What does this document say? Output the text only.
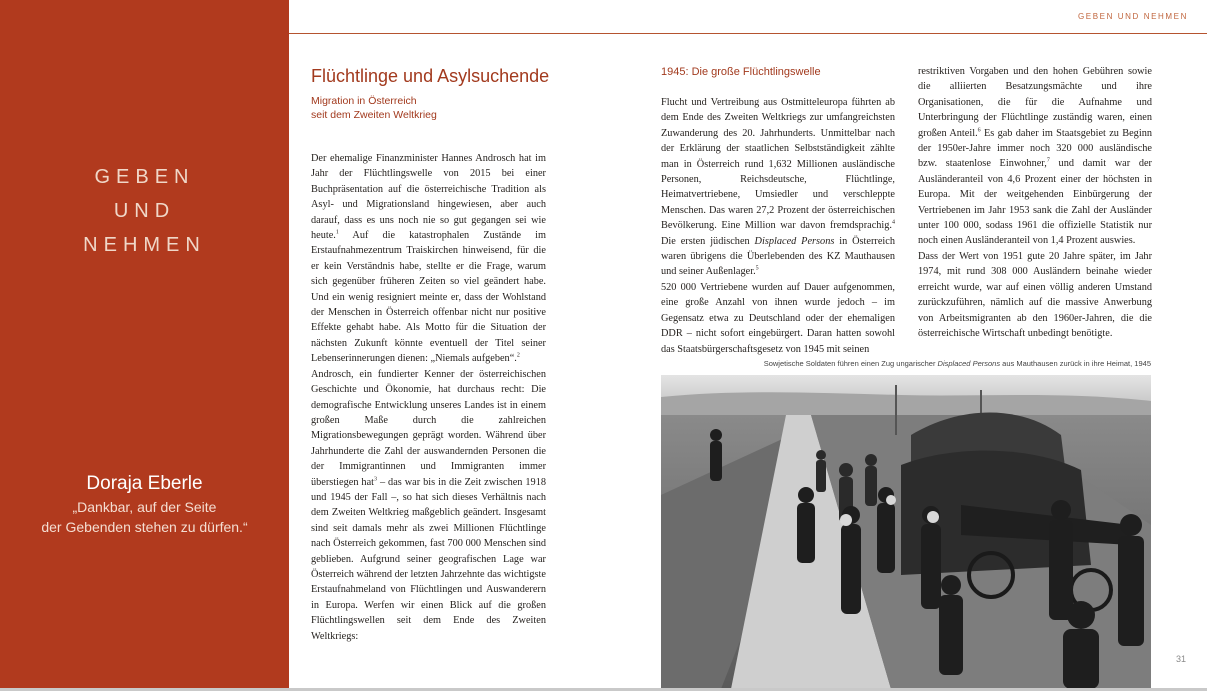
GEBEN
UND
NEHMEN
Doraja Eberle
„Dankbar, auf der Seite
der Gebenden stehen zu dürfen.“
GEBEN UND NEHMEN
Flüchtlinge und Asylsuchende
Migration in Österreich
seit dem Zweiten Weltkrieg

Der ehemalige Finanzminister Hannes Androsch hat im Jahr der Flüchtlingswelle von 2015 bei einer Buchpräsentation auf die österreichische Tradition als Asyl- und Migrationsland hingewiesen, aber auch darauf, dass es uns noch nie so gut gegangen sei wie heute.$^1$ Auf die katastrophalen Zustände im Erstaufnahmezentrum Traiskirchen hinweisend, für die er kein Verständnis habe, stellte er die Frage, warum sich gegenüber früheren Zeiten so viel geändert habe. Und ein wenig resigniert meinte er, dass der Wohlstand der Menschen in Österreich offenbar nicht nur positive Effekte gehabt habe. Als Motto für die Situation der nächsten Zukunft könnte eventuell der Titel seiner Lebenserinnerungen dienen: „Niemals aufgeben“.$^2$

Androsch, ein fundierter Kenner der österreichischen Geschichte und Ökonomie, hat durchaus recht: Die demografische Entwicklung unseres Landes ist in einem großen Maße durch die zahlreichen Migrationsbewegungen geprägt worden. Während über Jahrhunderte die Zahl der auswandernden Personen die der Immigrantinnen und Immigranten immer überstiegen hat$^3$ – das war bis in die Zeit zwischen 1918 und 1945 der Fall –, so hat sich dieses Verhältnis nach dem Zweiten Weltkrieg maßgeblich geändert. Insgesamt sind seit damals mehr als zwei Millionen Flüchtlinge nach Österreich gekommen, fast 700 000 Menschen sind geblieben. Aufgrund seiner geografischen Lage war Österreich während der letzten Jahrzehnte das wichtigste Erstaufnahmeland von Flüchtlingen und Auswanderern in Europa. Werfen wir einen Blick auf die großen Flüchtlingswellen seit dem Ende des Zweiten Weltkriegs:

1945: Die große Flüchtlingswelle

Flucht und Vertreibung aus Ostmitteleuropa führten ab dem Ende des Zweiten Weltkriegs zur umfangreichsten Zuwanderung des 20. Jahrhunderts. Unmittelbar nach der Erklärung der staatlichen Selbstständigkeit zählte man in Österreich rund 1,632 Millionen ausländische Personen, Reichsdeutsche, Flüchtlinge, Heimatvertriebene, Umsiedler und verschleppte Menschen. Das waren 27,2 Prozent der österreichischen Bevölkerung. Eine Million war davon fremdsprachig.$^4$ Die ersten jüdischen Displaced Persons in Österreich waren übrigens die Überlebenden des KZ Mauthausen und seiner Außenlager.$^5$

520 000 Vertriebene wurden auf Dauer aufgenommen, eine große Anzahl von ihnen wurde jedoch – im Gegensatz etwa zu Deutschland oder der ehemaligen DDR – nicht sofort eingebürgert. Daran hatten sowohl das Staatsbürgerschaftsgesetz von 1945 mit seinen

restriktiven Vorgaben und den hohen Gebühren sowie die alliierten Besatzungsmächte und ihre Organisationen, die für die Aufnahme und Unterbringung der Flüchtlinge zuständig waren, einen großen Anteil.$^6$ Es gab daher im Staatsgebiet zu Beginn der 1950er-Jahre immer noch 320 000 ausländische bzw. staatenlose Einwohner,$^7$ und damit war der Ausländeranteil von 4,6 Prozent einer der höchsten in Europa. Mit der weitgehenden Einbürgerung der Vertriebenen im Jahr 1953 sank die Zahl der Ausländer unter 100 000, sodass 1961 die offizielle Statistik nur noch einen Ausländeranteil von 1,4 Prozent auswies.

Dass der Wert von 1951 gute 20 Jahre später, im Jahr 1974, mit rund 308 000 Ausländern beinahe wieder erreicht wurde, war auf einen völlig anderen Umstand zurückzuführen, nämlich auf die massive Anwerbung von Arbeitsmigranten ab den 1960er-Jahren, die die österreichische Wirtschaft unbedingt benötigte.

Sowjetische Soldaten führen einen Zug ungarischer Displaced Persons aus Mauthausen zurück in ihre Heimat, 1945
31
